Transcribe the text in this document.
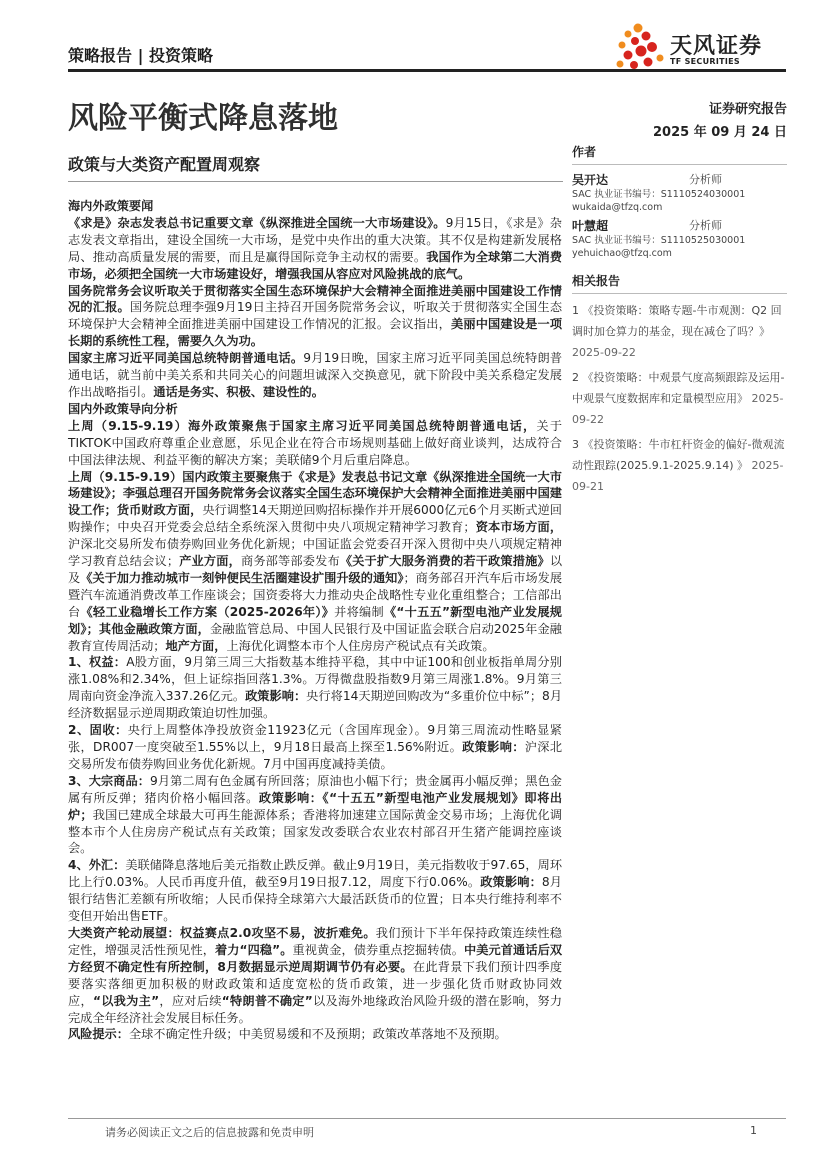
策略报告 | 投资策略	天风证券
TF SECURITIES
风险平衡式降息落地	证券研究报告
2025 年 09 月 24 日
政策与大类资产配置周观察

海内外政策要闻

《求是》杂志发表总书记重要文章《纵深推进全国统一大市场建设》。9月15日，《求是》杂志发表文章指出，建设全国统一大市场，是党中央作出的重大决策。其不仅是构建新发展格局、推动高质量发展的需要，而且是赢得国际竞争主动权的需要。我国作为全球第二大消费市场，必须把全国统一大市场建设好，增强我国从容应对风险挑战的底气。

国务院常务会议听取关于贯彻落实全国生态环境保护大会精神全面推进美丽中国建设工作情况的汇报。国务院总理李强9月19日主持召开国务院常务会议，听取关于贯彻落实全国生态环境保护大会精神全面推进美丽中国建设工作情况的汇报。会议指出，美丽中国建设是一项长期的系统性工程，需要久久为功。

国家主席习近平同美国总统特朗普通电话。9月19日晚，国家主席习近平同美国总统特朗普通电话，就当前中美关系和共同关心的问题坦诚深入交换意见，就下阶段中美关系稳定发展作出战略指引。通话是务实、积极、建设性的。

国内外政策导向分析

上周（9.15-9.19）海外政策聚焦于国家主席习近平同美国总统特朗普通电话，关于TIKTOK中国政府尊重企业意愿，乐见企业在符合市场规则基础上做好商业谈判，达成符合中国法律法规、利益平衡的解决方案；美联储9个月后重启降息。

上周（9.15-9.19）国内政策主要聚焦于《求是》发表总书记文章《纵深推进全国统一大市场建设》；李强总理召开国务院常务会议落实全国生态环境保护大会精神全面推进美丽中国建设工作；货币财政方面，央行调整14天期逆回购招标操作并开展6000亿元6个月买断式逆回购操作；中央召开党委会总结全系统深入贯彻中央八项规定精神学习教育；资本市场方面，沪深北交易所发布债券购回业务优化新规；中国证监会党委召开深入贯彻中央八项规定精神学习教育总结会议；产业方面，商务部等部委发布《关于扩大服务消费的若干政策措施》以及《关于加力推动城市一刻钟便民生活圈建设扩围升级的通知》；商务部召开汽车后市场发展暨汽车流通消费改革工作座谈会；国资委将大力推动央企战略性专业化重组整合；工信部出台《轻工业稳增长工作方案（2025-2026年）》并将编制《“十五五”新型电池产业发展规划》；其他金融政策方面，金融监管总局、中国人民银行及中国证监会联合启动2025年金融教育宣传周活动；地产方面，上海优化调整本市个人住房房产税试点有关政策。

1、权益：A股方面，9月第三周三大指数基本维持平稳，其中中证100和创业板指单周分别涨1.08%和2.34%，但上证综指回落1.3%。万得微盘股指数9月第三周涨1.8%。9月第三周南向资金净流入337.26亿元。政策影响：央行将14天期逆回购改为“多重价位中标”；8月经济数据显示逆周期政策迫切性加强。

2、固收：央行上周整体净投放资金11923亿元（含国库现金）。9月第三周流动性略显紧张，DR007一度突破至1.55%以上，9月18日最高上探至1.56%附近。政策影响：沪深北交易所发布债券购回业务优化新规。7月中国再度减持美债。

3、大宗商品：9月第二周有色金属有所回落；原油也小幅下行；贵金属再小幅反弹；黑色金属有所反弹；猪肉价格小幅回落。政策影响：《“十五五”新型电池产业发展规划》即将出炉；我国已建成全球最大可再生能源体系；香港将加速建立国际黄金交易市场；上海优化调整本市个人住房房产税试点有关政策；国家发改委联合农业农村部召开生猪产能调控座谈会。

4、外汇：美联储降息落地后美元指数止跌反弹。截止9月19日，美元指数收于97.65，周环比上行0.03%。人民币再度升值，截至9月19日报7.12，周度下行0.06%。政策影响：8月银行结售汇差额有所收缩；人民币保持全球第六大最活跃货币的位置；日本央行维持利率不变但开始出售ETF。

大类资产轮动展望：权益赛点2.0攻坚不易，波折难免。我们预计下半年保持政策连续性稳定性，增强灵活性预见性，着力“四稳”。重视黄金，债券重点挖掘转债。中美元首通话后双方经贸不确定性有所控制，8月数据显示逆周期调节仍有必要。在此背景下我们预计四季度要落实落细更加积极的财政政策和适度宽松的货币政策，进一步强化货币财政协同效应，“以我为主”，应对后续“特朗普不确定”以及海外地缘政治风险升级的潜在影响，努力完成全年经济社会发展目标任务。

风险提示：全球不确定性升级；中美贸易缓和不及预期；政策改革落地不及预期。

作者
吴开达	分析师
SAC 执业证书编号：S1110524030001
wukaida@tfzq.com
叶慧超	分析师
SAC 执业证书编号：S1110525030001
yehuichao@tfzq.com
相关报告
1 《投资策略：策略专题-牛市观测：Q2 回调时加仓算力的基金，现在减仓了吗？》 2025-09-22
2 《投资策略：中观景气度高频跟踪及运用-中观景气度数据库和定量模型应用》 2025-09-22
3 《投资策略：牛市杠杆资金的偏好-微观流动性跟踪(2025.9.1-2025.9.14) 》 2025-09-21
请务必阅读正文之后的信息披露和免责申明	1
